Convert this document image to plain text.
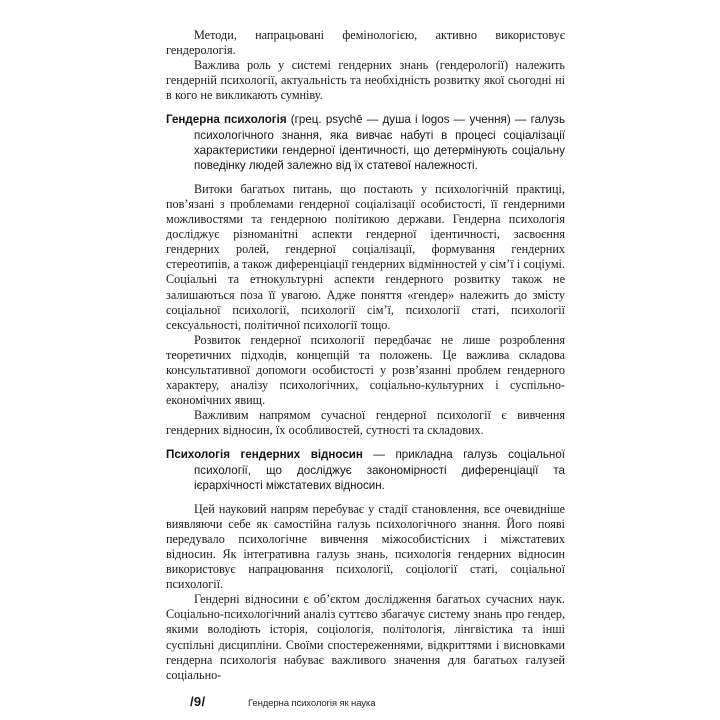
Методи, напрацьовані фемінологією, активно використовує гендерологія.

Важлива роль у системі гендерних знань (гендерології) належить гендерній психології, актуальність та необхідність розвитку якої сьогодні ні в кого не викликають сумніву.

Гендерна психологія (грец. psychē — душа і logos — учення) — галузь психологічного знання, яка вивчає набуті в процесі соціалізації характеристики гендерної ідентичності, що детермінують соціальну поведінку людей залежно від їх статевої належності.

Витоки багатьох питань, що постають у психологічній практиці, пов’язані з проблемами гендерної соціалізації особистості, її гендерними можливостями та гендерною політикою держави. Гендерна психологія досліджує різноманітні аспекти гендерної ідентичності, засвоєння гендерних ролей, гендерної соціалізації, формування гендерних стереотипів, а також диференціації гендерних відмінностей у сім’ї і соціумі. Соціальні та етнокультурні аспекти гендерного розвитку також не залишаються поза її увагою. Адже поняття «гендер» належить до змісту соціальної психології, психології сім’ї, психології статі, психології сексуальності, політичної психології тощо.

Розвиток гендерної психології передбачає не лише розроблення теоретичних підходів, концепцій та положень. Це важлива складова консультативної допомоги особистості у розв’язанні проблем гендерного характеру, аналізу психологічних, соціально-культурних і суспільно-економічних явищ.

Важливим напрямом сучасної гендерної психології є вивчення гендерних відносин, їх особливостей, сутності та складових.

Психологія гендерних відносин — прикладна галузь соціальної психології, що досліджує закономірності диференціації та ієрархічності міжстатевих відносин.

Цей науковий напрям перебуває у стадії становлення, все очевидніше виявляючи себе як самостійна галузь психологічного знання. Його появі передувало психологічне вивчення міжособистісних і міжстатевих відносин. Як інтегративна галузь знань, психологія гендерних відносин використовує напрацювання психології, соціології статі, соціальної психології.

Гендерні відносини є об’єктом дослідження багатьох сучасних наук. Соціально-психологічний аналіз суттєво збагачує систему знань про гендер, якими володіють історія, соціологія, політологія, лінгвістика та інші суспільні дисципліни. Своїми спостереженнями, відкриттями і висновками гендерна психологія набуває важливого значення для багатьох галузей соціально-

/9/	Гендерна психологія як наука
